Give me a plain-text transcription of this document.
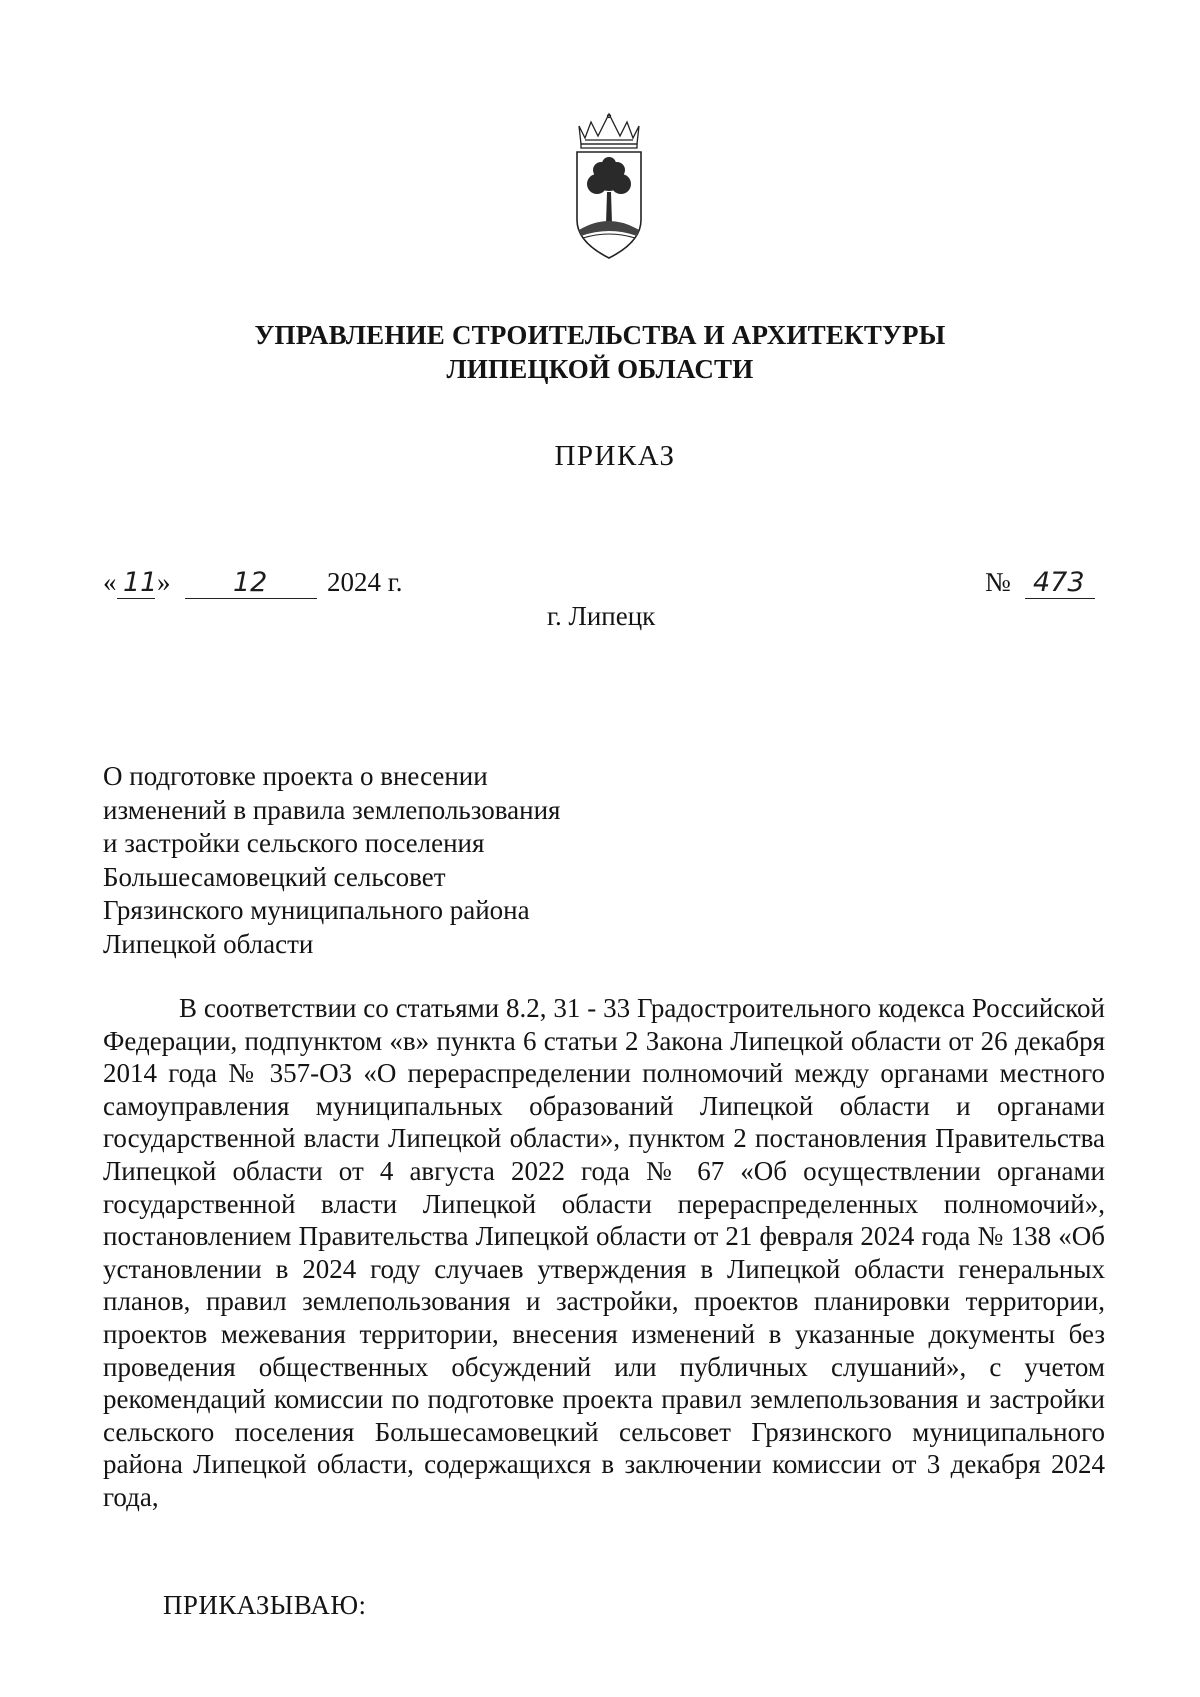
УПРАВЛЕНИЕ СТРОИТЕЛЬСТВА И АРХИТЕКТУРЫ
ЛИПЕЦКОЙ ОБЛАСТИ
ПРИКАЗ
« 11 » 12 2024 г.	№ 473
г. Липецк
О подготовке проекта о внесении
изменений в правила землепользования
и застройки сельского поселения
Большесамовецкий сельсовет
Грязинского муниципального района
Липецкой области

В соответствии со статьями 8.2, 31 - 33 Градостроительного кодекса Российской Федерации, подпунктом «в» пункта 6 статьи 2 Закона Липецкой области от 26 декабря 2014 года № 357-ОЗ «О перераспределении полномочий между органами местного самоуправления муниципальных образований Липецкой области и органами государственной власти Липецкой области», пунктом 2 постановления Правительства Липецкой области от 4 августа 2022 года № 67 «Об осуществлении органами государственной власти Липецкой области перераспределенных полномочий», постановлением Правительства Липецкой области от 21 февраля 2024 года № 138 «Об установлении в 2024 году случаев утверждения в Липецкой области генеральных планов, правил землепользования и застройки, проектов планировки территории, проектов межевания территории, внесения изменений в указанные документы без проведения общественных обсуждений или публичных слушаний», с учетом рекомендаций комиссии по подготовке проекта правил землепользования и застройки сельского поселения Большесамовецкий сельсовет Грязинского муниципального района Липецкой области, содержащихся в заключении комиссии от 3 декабря 2024 года,

ПРИКАЗЫВАЮ:
